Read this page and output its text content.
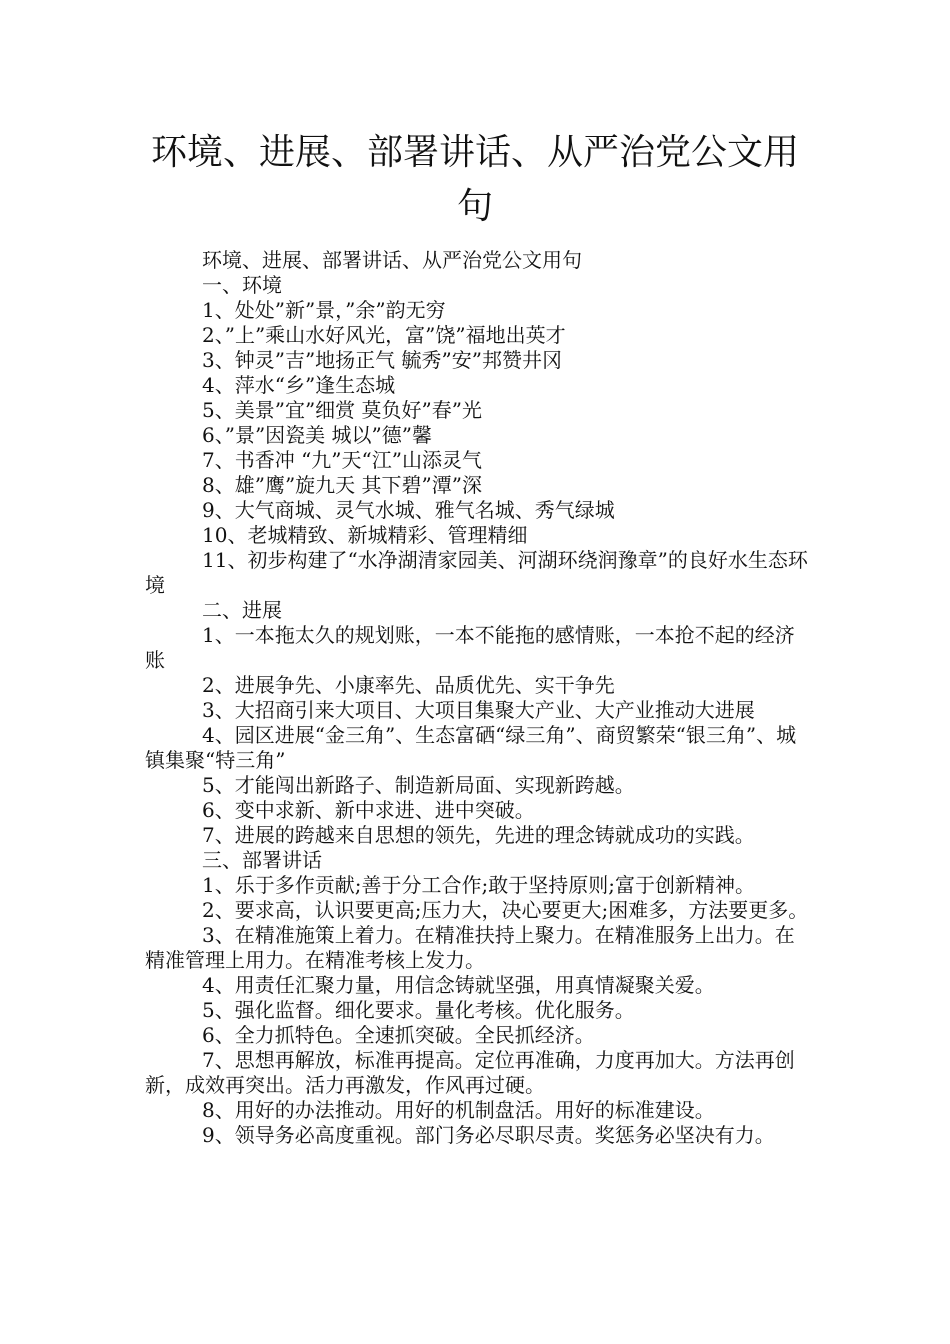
环境、进展、部署讲话、从严治党公文用句

环境、进展、部署讲话、从严治党公文用句

一、环境

1、处处”新”景，”余”韵无穷

2、”上”乘山水好风光，富”饶”福地出英才

3、钟灵”吉”地扬正气 毓秀”安”邦赞井冈

4、萍水“乡”逢生态城

5、美景”宜”细赏 莫负好”春”光

6、”景”因瓷美 城以”德”馨

7、书香冲 “九”天“江”山添灵气

8、雄”鹰”旋九天 其下碧”潭”深

9、大气商城、灵气水城、雅气名城、秀气绿城

10、老城精致、新城精彩、管理精细

11、初步构建了“水净湖清家园美、河湖环绕润豫章”的良好水生态环境

二、进展

1、一本拖太久的规划账，一本不能拖的感情账，一本抢不起的经济账

2、进展争先、小康率先、品质优先、实干争先

3、大招商引来大项目、大项目集聚大产业、大产业推动大进展

4、园区进展“金三角”、生态富硒“绿三角”、商贸繁荣“银三角”、城镇集聚“特三角”

5、才能闯出新路子、制造新局面、实现新跨越。

6、变中求新、新中求进、进中突破。

7、进展的跨越来自思想的领先，先进的理念铸就成功的实践。

三、部署讲话

1、乐于多作贡献;善于分工合作;敢于坚持原则;富于创新精神。

2、要求高，认识要更高;压力大，决心要更大;困难多，方法要更多。

3、在精准施策上着力。在精准扶持上聚力。在精准服务上出力。在精准管理上用力。在精准考核上发力。

4、用责任汇聚力量，用信念铸就坚强，用真情凝聚关爱。

5、强化监督。细化要求。量化考核。优化服务。

6、全力抓特色。全速抓突破。全民抓经济。

7、思想再解放，标准再提高。定位再准确，力度再加大。方法再创新，成效再突出。活力再激发，作风再过硬。

8、用好的办法推动。用好的机制盘活。用好的标准建设。

9、领导务必高度重视。部门务必尽职尽责。奖惩务必坚决有力。
